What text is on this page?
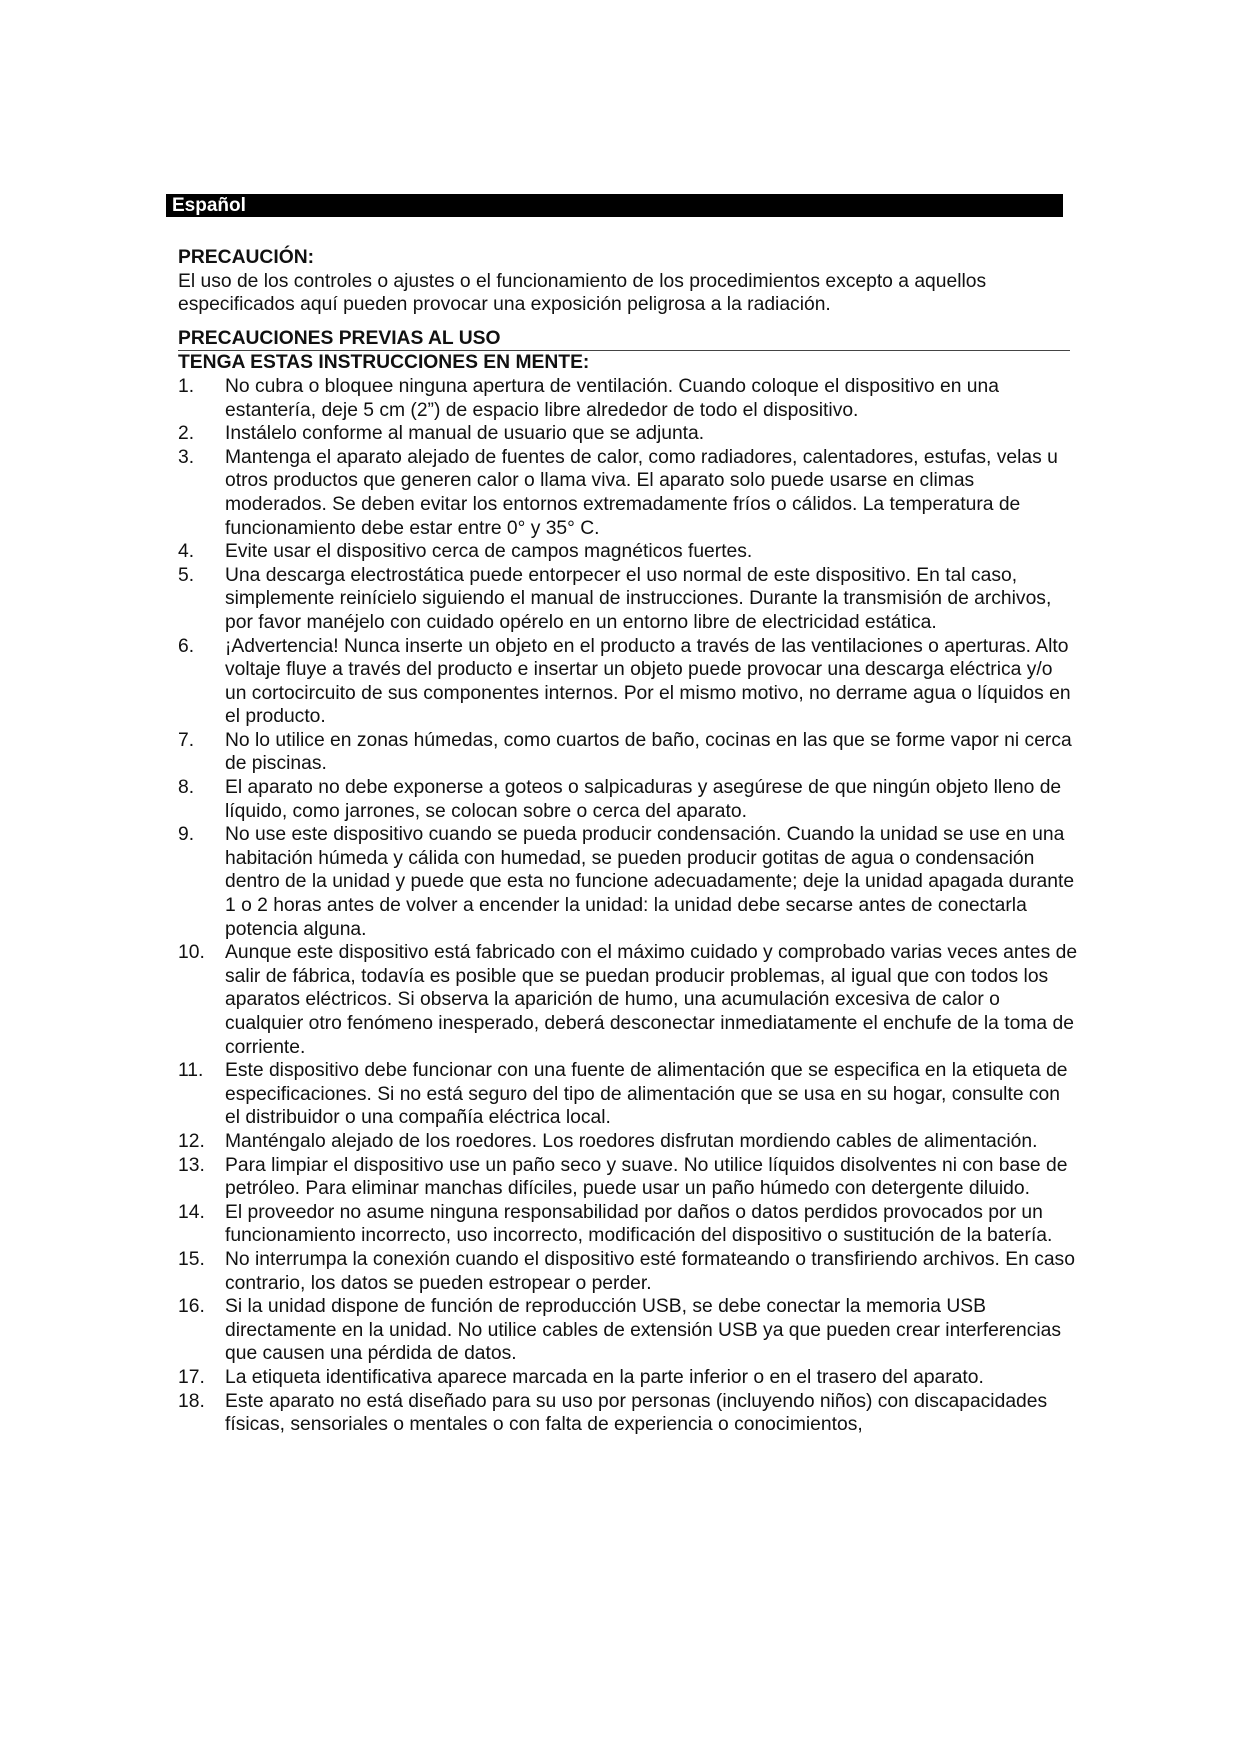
Español

PRECAUCIÓN:

El uso de los controles o ajustes o el funcionamiento de los procedimientos excepto a aquellos especificados aquí pueden provocar una exposición peligrosa a la radiación.

PRECAUCIONES PREVIAS AL USO

TENGA ESTAS INSTRUCCIONES EN MENTE:

1. No cubra o bloquee ninguna apertura de ventilación. Cuando coloque el dispositivo en una estantería, deje 5 cm (2”) de espacio libre alrededor de todo el dispositivo.
2. Instálelo conforme al manual de usuario que se adjunta.
3. Mantenga el aparato alejado de fuentes de calor, como radiadores, calentadores, estufas, velas u otros productos que generen calor o llama viva. El aparato solo puede usarse en climas moderados. Se deben evitar los entornos extremadamente fríos o cálidos. La temperatura de funcionamiento debe estar entre 0° y 35° C.
4. Evite usar el dispositivo cerca de campos magnéticos fuertes.
5. Una descarga electrostática puede entorpecer el uso normal de este dispositivo. En tal caso, simplemente reinícielo siguiendo el manual de instrucciones. Durante la transmisión de archivos, por favor manéjelo con cuidado opérelo en un entorno libre de electricidad estática.
6. ¡Advertencia! Nunca inserte un objeto en el producto a través de las ventilaciones o aperturas. Alto voltaje fluye a través del producto e insertar un objeto puede provocar una descarga eléctrica y/o un cortocircuito de sus componentes internos. Por el mismo motivo, no derrame agua o líquidos en el producto.
7. No lo utilice en zonas húmedas, como cuartos de baño, cocinas en las que se forme vapor ni cerca de piscinas.
8. El aparato no debe exponerse a goteos o salpicaduras y asegúrese de que ningún objeto lleno de líquido, como jarrones, se colocan sobre o cerca del aparato.
9. No use este dispositivo cuando se pueda producir condensación. Cuando la unidad se use en una habitación húmeda y cálida con humedad, se pueden producir gotitas de agua o condensación dentro de la unidad y puede que esta no funcione adecuadamente; deje la unidad apagada durante 1 o 2 horas antes de volver a encender la unidad: la unidad debe secarse antes de conectarla potencia alguna.
10. Aunque este dispositivo está fabricado con el máximo cuidado y comprobado varias veces antes de salir de fábrica, todavía es posible que se puedan producir problemas, al igual que con todos los aparatos eléctricos. Si observa la aparición de humo, una acumulación excesiva de calor o cualquier otro fenómeno inesperado, deberá desconectar inmediatamente el enchufe de la toma de corriente.
11. Este dispositivo debe funcionar con una fuente de alimentación que se especifica en la etiqueta de especificaciones. Si no está seguro del tipo de alimentación que se usa en su hogar, consulte con el distribuidor o una compañía eléctrica local.
12. Manténgalo alejado de los roedores. Los roedores disfrutan mordiendo cables de alimentación.
13. Para limpiar el dispositivo use un paño seco y suave. No utilice líquidos disolventes ni con base de petróleo. Para eliminar manchas difíciles, puede usar un paño húmedo con detergente diluido.
14. El proveedor no asume ninguna responsabilidad por daños o datos perdidos provocados por un funcionamiento incorrecto, uso incorrecto, modificación del dispositivo o sustitución de la batería.
15. No interrumpa la conexión cuando el dispositivo esté formateando o transfiriendo archivos. En caso contrario, los datos se pueden estropear o perder.
16. Si la unidad dispone de función de reproducción USB, se debe conectar la memoria USB directamente en la unidad. No utilice cables de extensión USB ya que pueden crear interferencias que causen una pérdida de datos.
17. La etiqueta identificativa aparece marcada en la parte inferior o en el trasero del aparato.
18. Este aparato no está diseñado para su uso por personas (incluyendo niños) con discapacidades físicas, sensoriales o mentales o con falta de experiencia o conocimientos,
